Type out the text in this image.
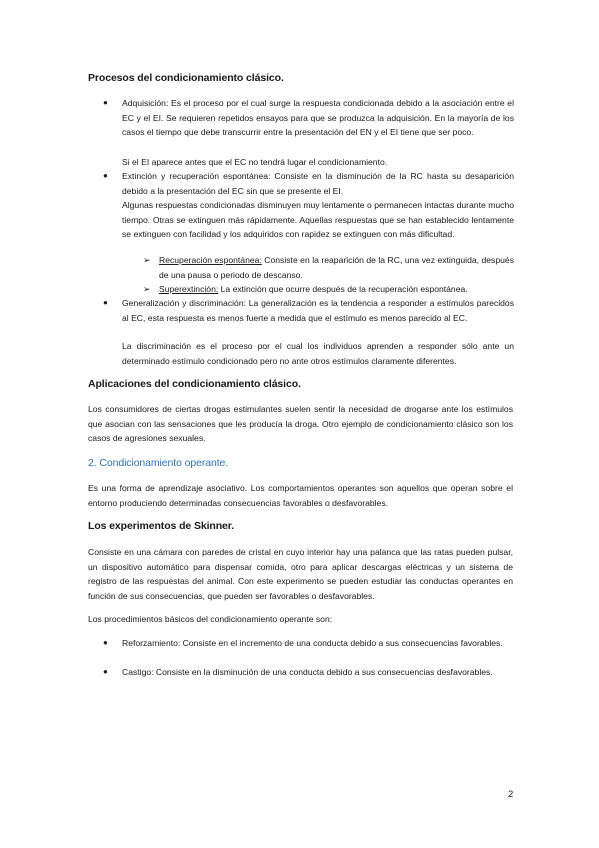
Procesos del condicionamiento clásico.
● Adquisición: Es el proceso por el cual surge la respuesta condicionada debido a la asociación entre el EC y el EI. Se requieren repetidos ensayos para que se produzca la adquisición. En la mayoría de los casos el tiempo que debe transcurrir entre la presentación del EN y el EI tiene que ser poco.

Si el EI aparece antes que el EC no tendrá lugar el condicionamiento.

● Extinción y recuperación espontánea: Consiste en la disminución de la RC hasta su desaparición debido a la presentación del EC sin que se presente el EI.

Algunas respuestas condicionadas disminuyen muy lentamente o permanecen intactas durante mucho tiempo. Otras se extinguen más rápidamente. Aquellas respuestas que se han establecido lentamente se extinguen con facilidad y los adquiridos con rapidez se extinguen con más dificultad.

➢ Recuperación espontánea: Consiste en la reaparición de la RC, una vez extinguida, después de una pausa o periodo de descanso.

➢ Superextinción: La extinción que ocurre después de la recuperación espontánea.

● Generalización y discriminación: La generalización es la tendencia a responder a estímulos parecidos al EC, esta respuesta es menos fuerte a medida que el estímulo es menos parecido al EC.

La discriminación es el proceso por el cual los individuos aprenden a responder sólo ante un determinado estímulo condicionado pero no ante otros estímulos claramente diferentes.

Aplicaciones del condicionamiento clásico.

Los consumidores de ciertas drogas estimulantes suelen sentir la necesidad de drogarse ante los estímulos que asocian con las sensaciones que les producía la droga. Otro ejemplo de condicionamiento clásico son los casos de agresiones sexuales.

2. Condicionamiento operante.

Es una forma de aprendizaje asociativo. Los comportamientos operantes son aquellos que operan sobre el entorno produciendo determinadas consecuencias favorables o desfavorables.

Los experimentos de Skinner.

Consiste en una cámara con paredes de cristal en cuyo interior hay una palanca que las ratas pueden pulsar, un dispositivo automático para dispensar comida, otro para aplicar descargas eléctricas y un sistema de registro de las respuestas del animal. Con este experimento se pueden estudiar las conductas operantes en función de sus consecuencias, que pueden ser favorables o desfavorables.

Los procedimientos básicos del condicionamiento operante son:

● Reforzamiento: Consiste en el incremento de una conducta debido a sus consecuencias favorables.

● Castigo: Consiste en la disminución de una conducta debido a sus consecuencias desfavorables.

2
